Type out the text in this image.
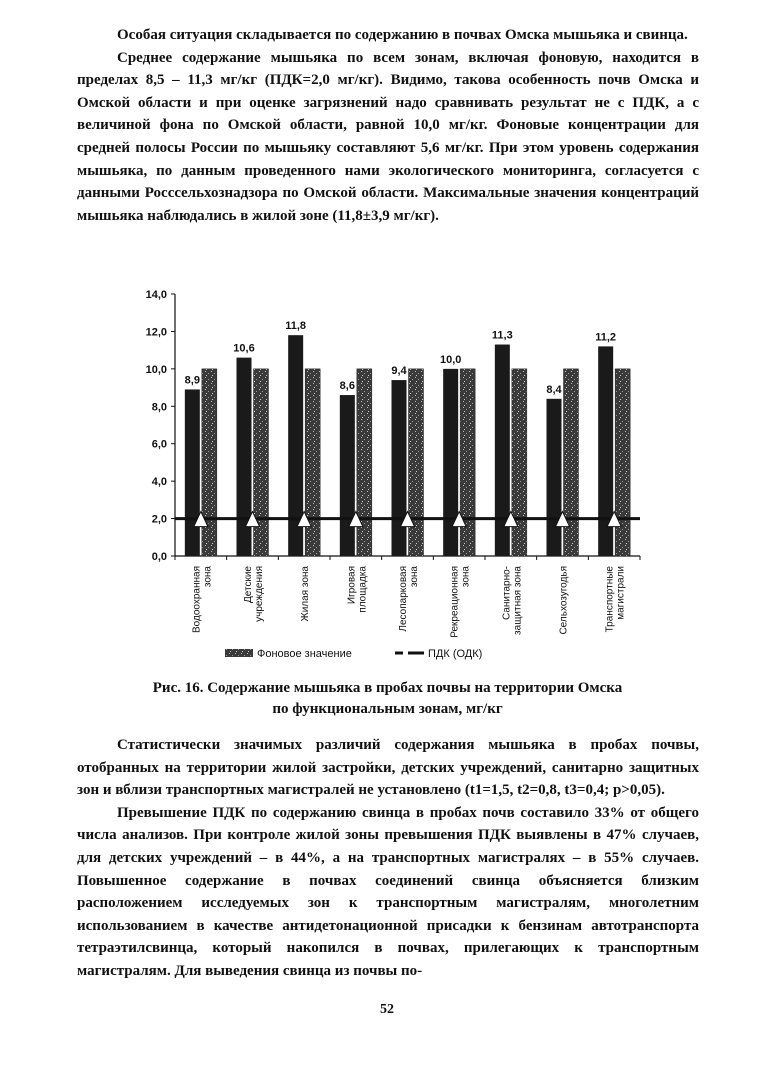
Особая ситуация складывается по содержанию в почвах Омска мышьяка и свинца.

Среднее содержание мышьяка по всем зонам, включая фоновую, находится в пределах 8,5 – 11,3 мг/кг (ПДК=2,0 мг/кг). Видимо, такова особенность почв Омска и Омской области и при оценке загрязнений надо сравнивать результат не с ПДК, а с величиной фона по Омской области, равной 10,0 мг/кг. Фоновые концентрации для средней полосы России по мышьяку составляют 5,6 мг/кг. При этом уровень содержания мышьяка, по данным проведенного нами экологического мониторинга, согласуется с данными Россcельхознадзора по Омской области. Максимальные значения концентраций мышьяка наблюдались в жилой зоне (11,8±3,9 мг/кг).

0,0
2,0
4,0
6,0
8,0
10,0
12,0
14,0
Фоновое значение	ПДК (ОДК)
8,9
Водоохранная зона
10,6
Детские учреждения
11,8
Жилая зона
8,6
Игровая площадка
9,4
Лесопарковая зона
10,0
Рекреационная зона
11,3
Санитарно- защитная зона
8,4
Сельхозугодья
11,2
Транспортные магистрали
Рис. 16. Содержание мышьяка в пробах почвы на территории Омска
по функциональным зонам, мг/кг

Статистически значимых различий содержания мышьяка в пробах почвы, отобранных на территории жилой застройки, детских учреждений, санитарно защитных зон и вблизи транспортных магистралей не установлено (t1=1,5, t2=0,8, t3=0,4; p>0,05).

Превышение ПДК по содержанию свинца в пробах почв составило 33% от общего числа анализов. При контроле жилой зоны превышения ПДК выявлены в 47% случаев, для детских учреждений – в 44%, а на транспортных магистралях – в 55% случаев. Повышенное содержание в почвах соединений свинца объясняется близким расположением исследуемых зон к транспортным магистралям, многолетним использованием в качестве антидетонационной присадки к бензинам автотранспорта тетраэтилсвинца, который накопился в почвах, прилегающих к транспортным магистралям. Для выведения свинца из почвы по-

52
